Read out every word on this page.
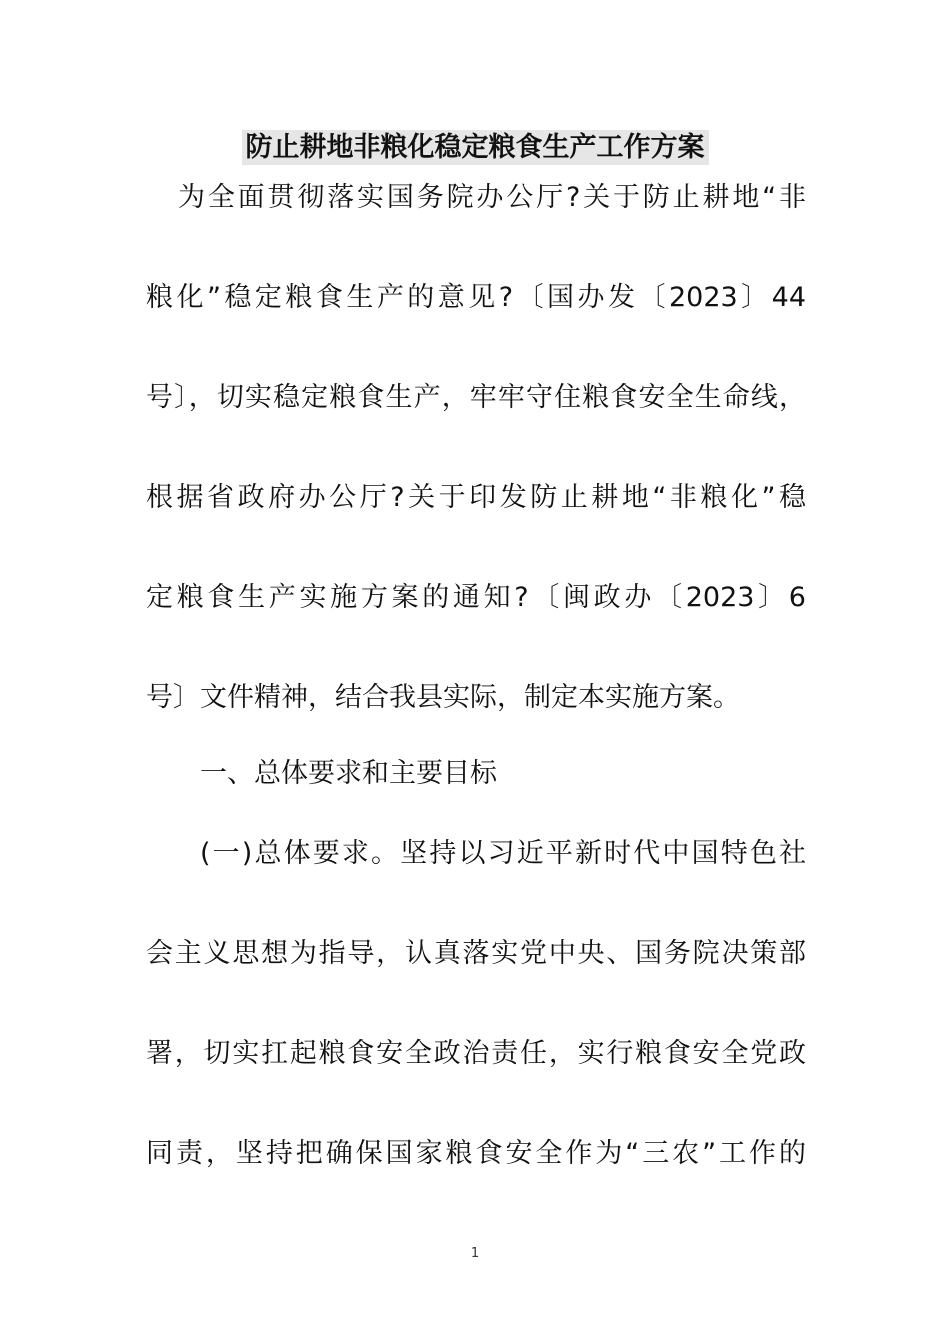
防止耕地非粮化稳定粮食生产工作方案
为全面贯彻落实国务院办公厅?关于防止耕地“非
粮化”稳定粮食生产的意见?〔国办发〔2023〕44
号〕，切实稳定粮食生产，牢牢守住粮食安全生命线，
根据省政府办公厅?关于印发防止耕地“非粮化”稳
定粮食生产实施方案的通知?〔闽政办〔2023〕6
号〕文件精神，结合我县实际，制定本实施方案。
一、总体要求和主要目标
(一)总体要求。坚持以习近平新时代中国特色社
会主义思想为指导，认真落实党中央、国务院决策部
署，切实扛起粮食安全政治责任，实行粮食安全党政
同责，坚持把确保国家粮食安全作为“三农”工作的
1
